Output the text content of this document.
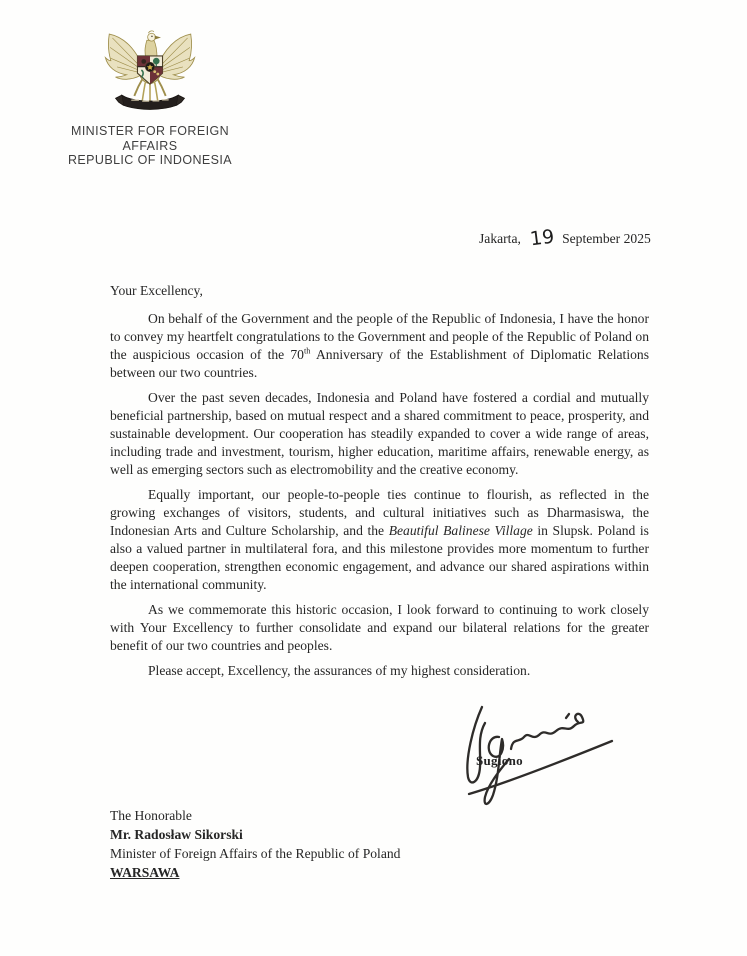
MINISTER FOR FOREIGN AFFAIRS
REPUBLIC OF INDONESIA
Jakarta, 19 September 2025

Your Excellency,

On behalf of the Government and the people of the Republic of Indonesia, I have the honor to convey my heartfelt congratulations to the Government and people of the Republic of Poland on the auspicious occasion of the 70th Anniversary of the Establishment of Diplomatic Relations between our two countries.

Over the past seven decades, Indonesia and Poland have fostered a cordial and mutually beneficial partnership, based on mutual respect and a shared commitment to peace, prosperity, and sustainable development. Our cooperation has steadily expanded to cover a wide range of areas, including trade and investment, tourism, higher education, maritime affairs, renewable energy, as well as emerging sectors such as electromobility and the creative economy.

Equally important, our people-to-people ties continue to flourish, as reflected in the growing exchanges of visitors, students, and cultural initiatives such as Dharmasiswa, the Indonesian Arts and Culture Scholarship, and the Beautiful Balinese Village in Slupsk. Poland is also a valued partner in multilateral fora, and this milestone provides more momentum to further deepen cooperation, strengthen economic engagement, and advance our shared aspirations within the international community.

As we commemorate this historic occasion, I look forward to continuing to work closely with Your Excellency to further consolidate and expand our bilateral relations for the greater benefit of our two countries and peoples.

Please accept, Excellency, the assurances of my highest consideration.

Sugiono
The Honorable
Mr. Radosław Sikorski
Minister of Foreign Affairs of the Republic of Poland
WARSAWA
